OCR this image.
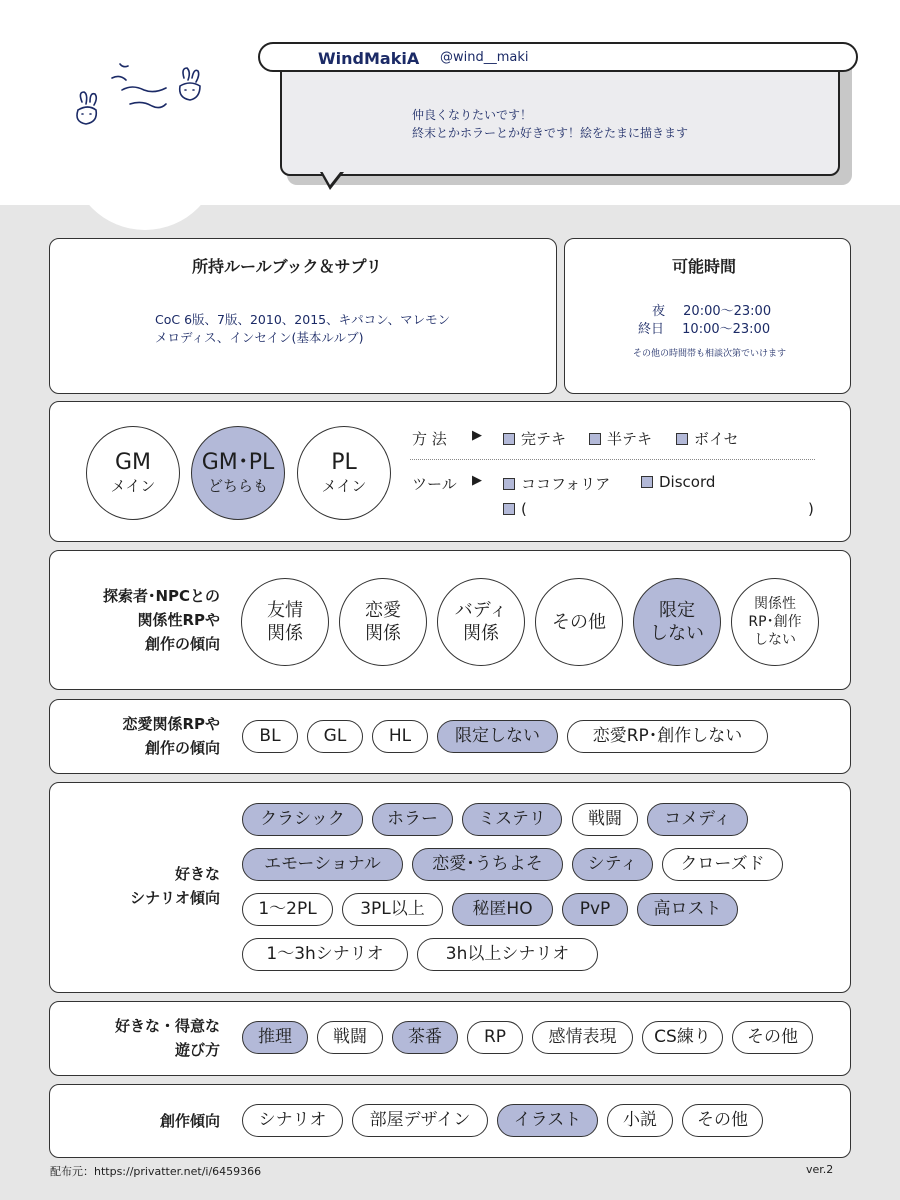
WindMakiA @wind__maki
仲良くなりたいです！
終末とかホラーとか好きです！絵をたまに描きます
所持ルールブック＆サプリ
CoC 6版、7版、2010、2015、キパコン、マレモン
メロディス、インセイン(基本ルルブ)
可能時間
夜 20:00～23:00
終日 10:00～23:00
その他の時間帯も相談次第でいけます
GM
メイン
GM･PL
どちらも
PL
メイン
方 法 ▶	完テキ	半テキ	ボイセ
ツール ▶	ココフォリア	Discord
(	)
探索者･NPCとの
関係性RPや
創作の傾向
友情
関係
恋愛
関係
バディ
関係
その他
限定
しない
関係性
RP･創作
しない
恋愛関係RPや
創作の傾向
BL	GL	HL	限定しない	恋愛RP･創作しない
好きな
シナリオ傾向
クラシック	ホラー	ミステリ	戦闘	コメディ
エモーショナル	恋愛･うちよそ	シティ	クローズド
1～2PL	3PL以上	秘匿HO	PvP	高ロスト
1～3hシナリオ	3h以上シナリオ
好きな・得意な
遊び方
推理	戦闘	茶番	RP	感情表現	CS練り	その他
創作傾向	シナリオ	部屋デザイン	イラスト	小説	その他
配布元：https://privatter.net/i/6459366	ver.2
